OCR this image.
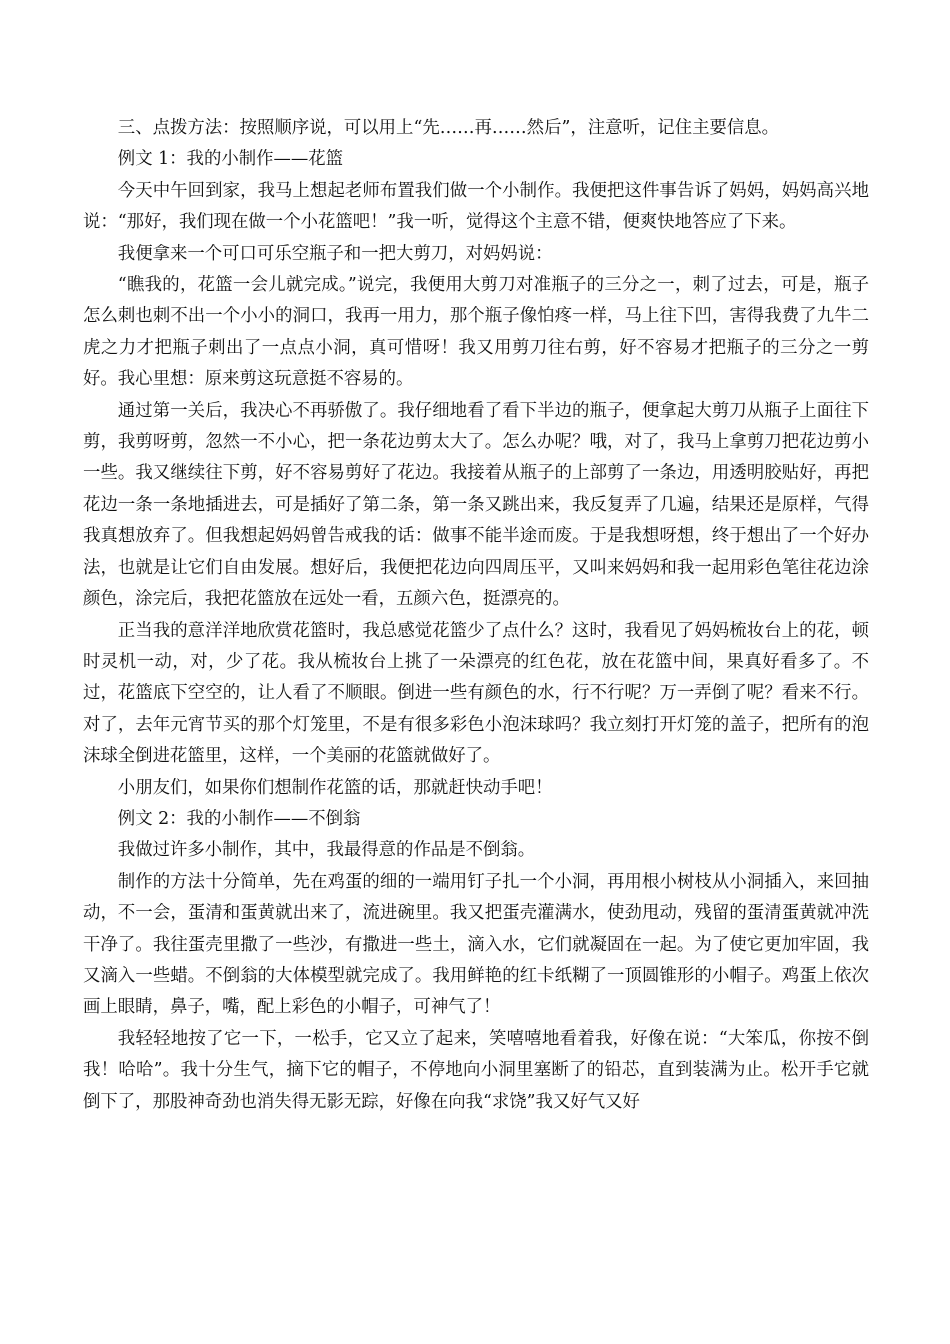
三、点拨方法：按照顺序说，可以用上“先……再……然后”，注意听，记住主要信息。

例文 1：我的小制作——花篮

今天中午回到家，我马上想起老师布置我们做一个小制作。我便把这件事告诉了妈妈，妈妈高兴地说：“那好，我们现在做一个小花篮吧！”我一听，觉得这个主意不错，便爽快地答应了下来。

我便拿来一个可口可乐空瓶子和一把大剪刀，对妈妈说：

“瞧我的，花篮一会儿就完成。”说完，我便用大剪刀对准瓶子的三分之一，刺了过去，可是，瓶子怎么刺也刺不出一个小小的洞口，我再一用力，那个瓶子像怕疼一样，马上往下凹，害得我费了九牛二虎之力才把瓶子刺出了一点点小洞，真可惜呀！我又用剪刀往右剪，好不容易才把瓶子的三分之一剪好。我心里想：原来剪这玩意挺不容易的。

通过第一关后，我决心不再骄傲了。我仔细地看了看下半边的瓶子，便拿起大剪刀从瓶子上面往下剪，我剪呀剪，忽然一不小心，把一条花边剪太大了。怎么办呢？哦，对了，我马上拿剪刀把花边剪小一些。我又继续往下剪，好不容易剪好了花边。我接着从瓶子的上部剪了一条边，用透明胶贴好，再把花边一条一条地插进去，可是插好了第二条，第一条又跳出来，我反复弄了几遍，结果还是原样，气得我真想放弃了。但我想起妈妈曾告戒我的话：做事不能半途而废。于是我想呀想，终于想出了一个好办法，也就是让它们自由发展。想好后，我便把花边向四周压平，又叫来妈妈和我一起用彩色笔往花边涂颜色，涂完后，我把花篮放在远处一看，五颜六色，挺漂亮的。

正当我的意洋洋地欣赏花篮时，我总感觉花篮少了点什么？这时，我看见了妈妈梳妆台上的花，顿时灵机一动，对，少了花。我从梳妆台上挑了一朵漂亮的红色花，放在花篮中间，果真好看多了。不过，花篮底下空空的，让人看了不顺眼。倒进一些有颜色的水，行不行呢？万一弄倒了呢？看来不行。对了，去年元宵节买的那个灯笼里，不是有很多彩色小泡沫球吗？我立刻打开灯笼的盖子，把所有的泡沫球全倒进花篮里，这样，一个美丽的花篮就做好了。

小朋友们，如果你们想制作花篮的话，那就赶快动手吧！

例文 2：我的小制作——不倒翁

我做过许多小制作，其中，我最得意的作品是不倒翁。

制作的方法十分简单，先在鸡蛋的细的一端用钉子扎一个小洞，再用根小树枝从小洞插入，来回抽动，不一会，蛋清和蛋黄就出来了，流进碗里。我又把蛋壳灌满水，使劲甩动，残留的蛋清蛋黄就冲洗干净了。我往蛋壳里撒了一些沙，有撒进一些土，滴入水，它们就凝固在一起。为了使它更加牢固，我又滴入一些蜡。不倒翁的大体模型就完成了。我用鲜艳的红卡纸糊了一顶圆锥形的小帽子。鸡蛋上依次画上眼睛，鼻子，嘴，配上彩色的小帽子，可神气了！

我轻轻地按了它一下，一松手，它又立了起来，笑嘻嘻地看着我，好像在说：“大笨瓜，你按不倒我！哈哈”。我十分生气，摘下它的帽子，不停地向小洞里塞断了的铅芯，直到装满为止。松开手它就倒下了，那股神奇劲也消失得无影无踪，好像在向我“求饶”我又好气又好
